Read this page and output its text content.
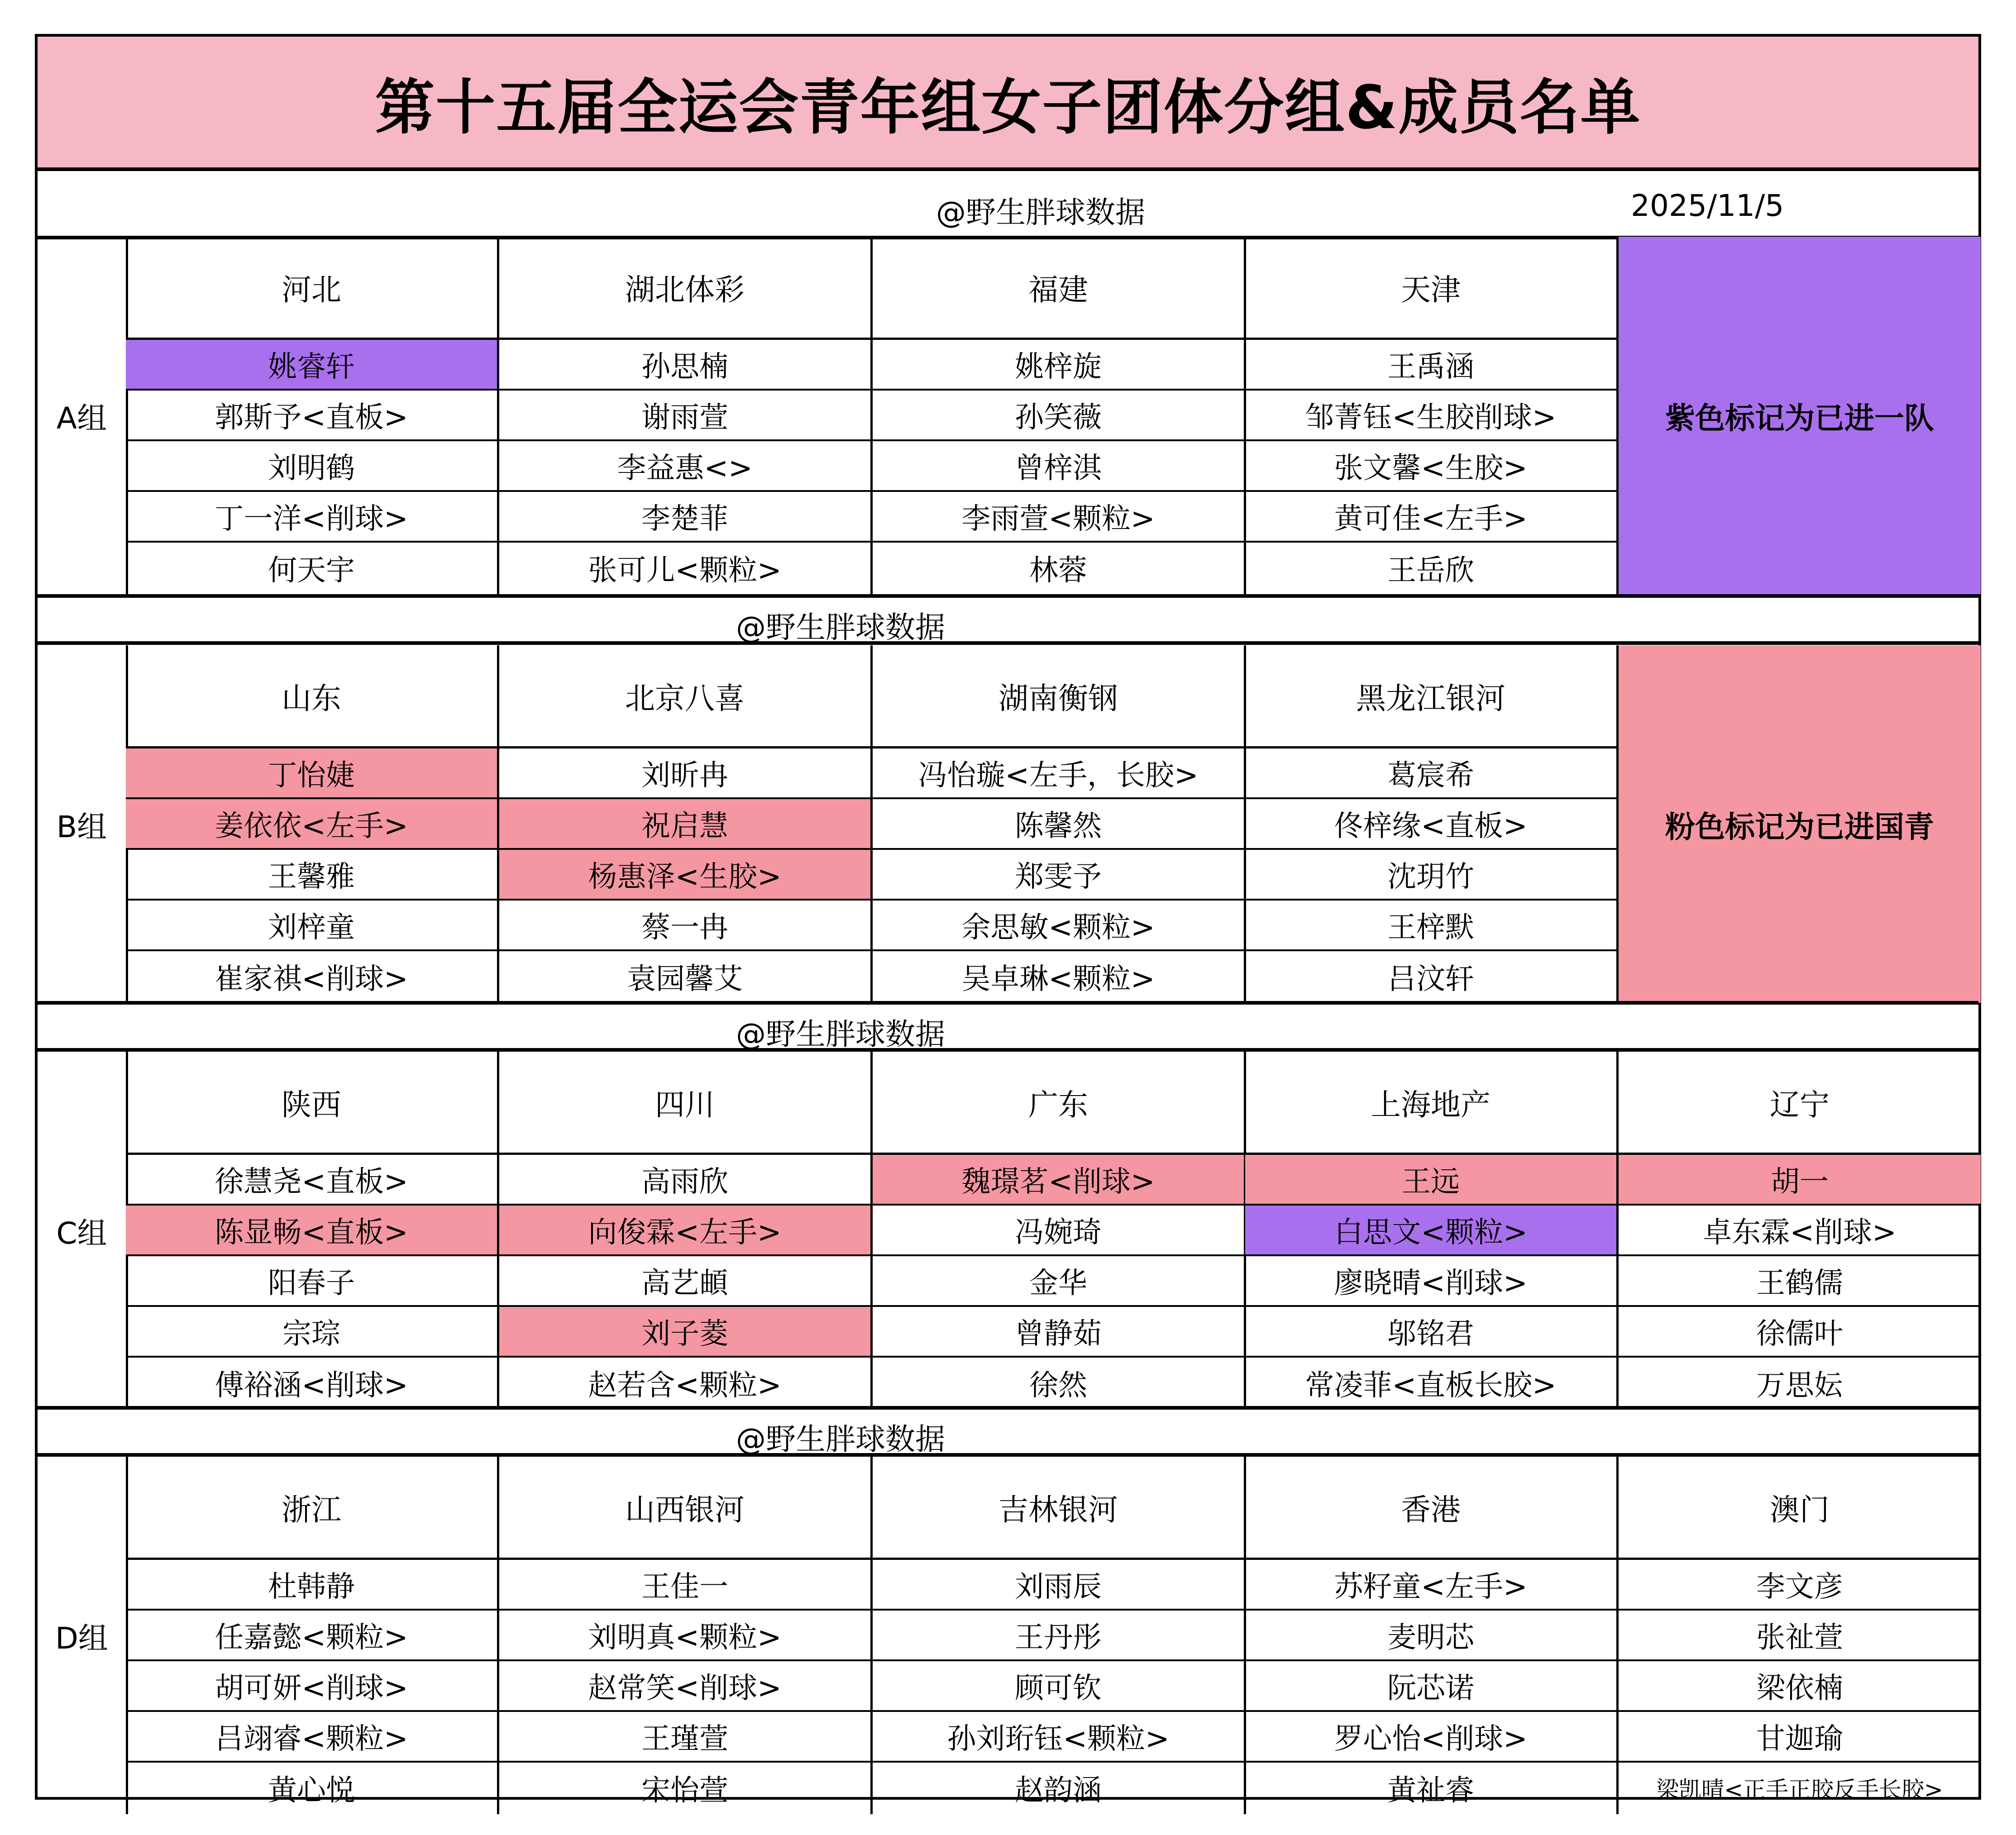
第十五届全运会青年组女子团体分组&成员名单
@野生胖球数据	2025/11/5
A组
河北
姚睿轩
郭斯予<直板>
刘明鹤
丁一洋<削球>
何天宇
湖北体彩
孙思楠
谢雨萱
李益惠<>
李楚菲
张可儿<颗粒>
福建
姚梓旋
孙笑薇
曾梓淇
李雨萱<颗粒>
林蓉
天津
王禹涵
邹菁钰<生胶削球>
张文馨<生胶>
黄可佳<左手>
王岳欣
紫色标记为已进一队
@野生胖球数据
B组
山东
丁怡婕
姜依依<左手>
王馨雅
刘梓童
崔家祺<削球>
北京八喜
刘昕冉
祝启慧
杨惠泽<生胶>
蔡一冉
袁园馨艾
湖南衡钢
冯怡璇<左手，长胶>
陈馨然
郑雯予
余思敏<颗粒>
吴卓琳<颗粒>
黑龙江银河
葛宸希
佟梓缘<直板>
沈玥竹
王梓默
吕汶轩
粉色标记为已进国青
@野生胖球数据
C组
陕西
徐慧尧<直板>
陈显畅<直板>
阳春子
宗琮
傅裕涵<削球>
四川
高雨欣
向俊霖<左手>
高艺頔
刘子菱
赵若含<颗粒>
广东
魏璟茗<削球>
冯婉琦
金华
曾静茹
徐然
上海地产
王远
白思文<颗粒>
廖晓晴<削球>
邬铭君
常凌菲<直板长胶>
辽宁
胡一
卓东霖<削球>
王鹤儒
徐儒叶
万思妘
@野生胖球数据
D组
浙江
杜韩静
任嘉懿<颗粒>
胡可妍<削球>
吕翊睿<颗粒>
黄心悦
山西银河
王佳一
刘明真<颗粒>
赵常笑<削球>
王瑾萱
宋怡萱
吉林银河
刘雨辰
王丹彤
顾可钦
孙刘珩钰<颗粒>
赵韵涵
香港
苏籽童<左手>
麦明芯
阮芯诺
罗心怡<削球>
黄祉睿
澳门
李文彦
张祉萱
梁依楠
甘迦瑜
梁凯晴<正手正胶反手长胶>
